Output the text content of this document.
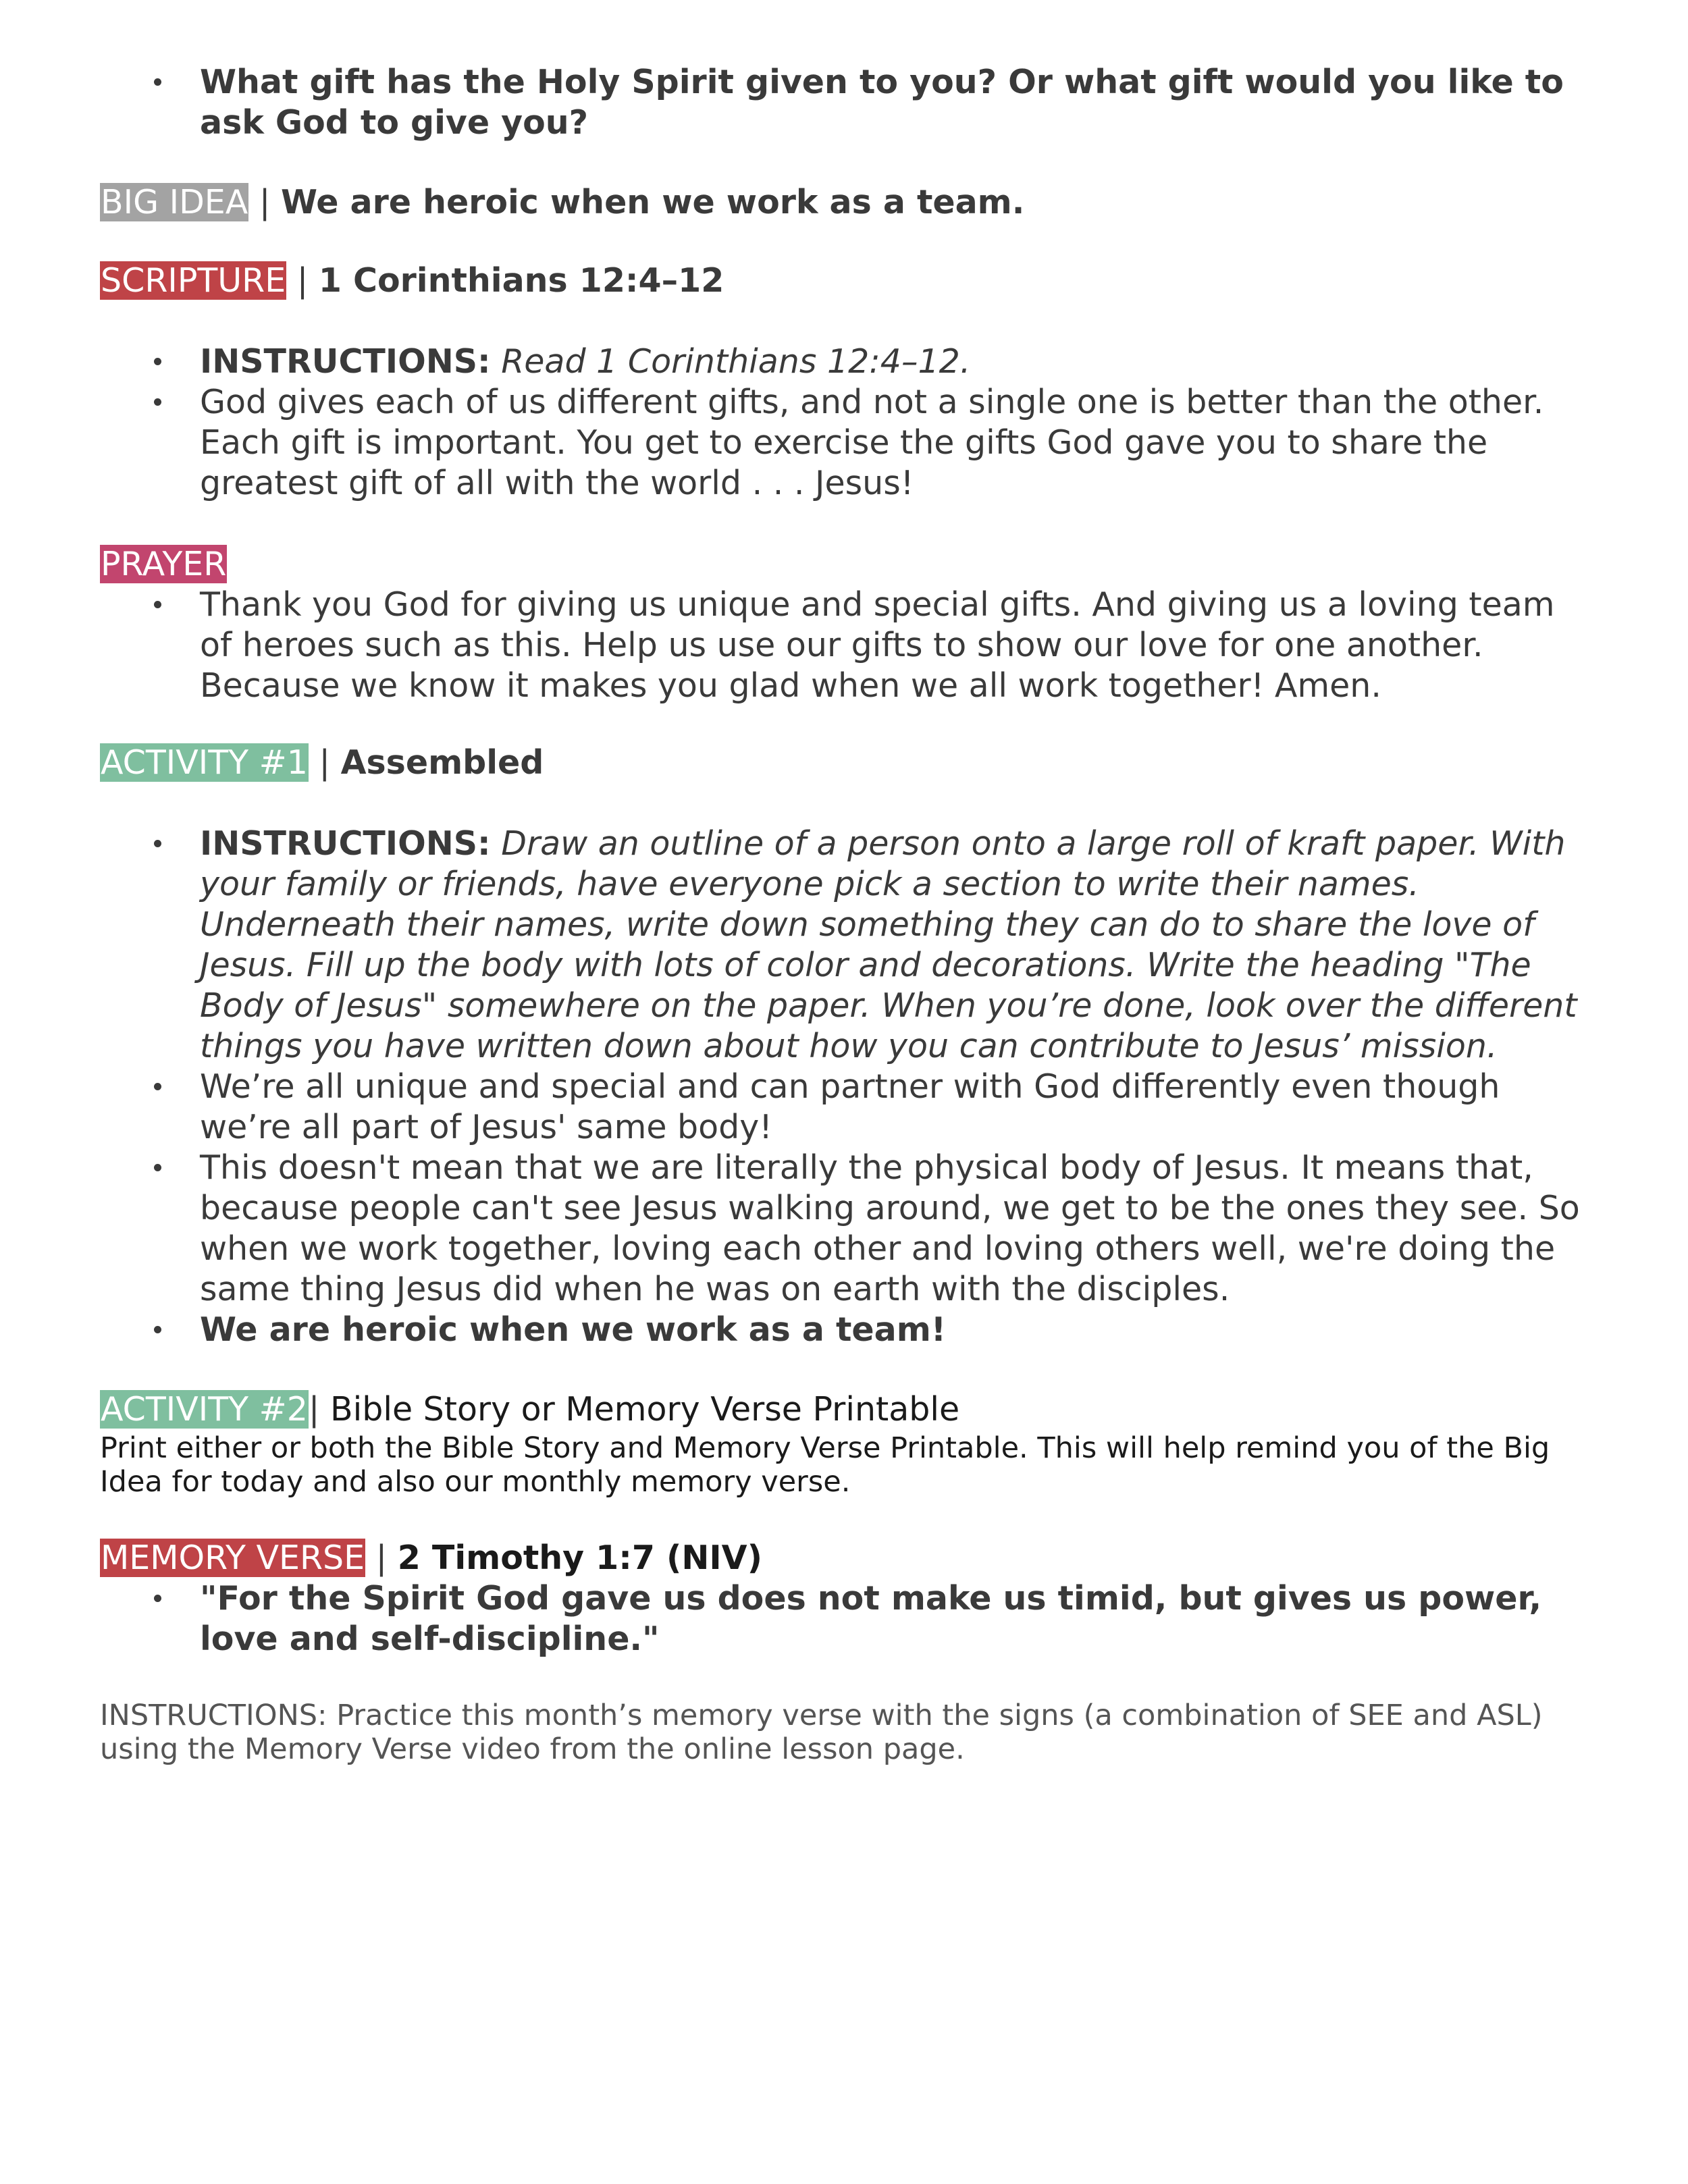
What gift has the Holy Spirit given to you? Or what gift would you like to ask God to give you?

BIG IDEA | We are heroic when we work as a team.

SCRIPTURE | 1 Corinthians 12:4–12

INSTRUCTIONS: Read 1 Corinthians 12:4–12.
God gives each of us different gifts, and not a single one is better than the other. Each gift is important. You get to exercise the gifts God gave you to share the greatest gift of all with the world . . . Jesus!

PRAYER

Thank you God for giving us unique and special gifts. And giving us a loving team of heroes such as this. Help us use our gifts to show our love for one another. Because we know it makes you glad when we all work together! Amen.

ACTIVITY #1 | Assembled

INSTRUCTIONS: Draw an outline of a person onto a large roll of kraft paper. With your family or friends, have everyone pick a section to write their names. Underneath their names, write down something they can do to share the love of Jesus. Fill up the body with lots of color and decorations. Write the heading "The Body of Jesus" somewhere on the paper. When you’re done, look over the different things you have written down about how you can contribute to Jesus’ mission.
We’re all unique and special and can partner with God differently even though we’re all part of Jesus' same body!
This doesn't mean that we are literally the physical body of Jesus. It means that, because people can't see Jesus walking around, we get to be the ones they see. So when we work together, loving each other and loving others well, we're doing the same thing Jesus did when he was on earth with the disciples.
We are heroic when we work as a team!

ACTIVITY #2| Bible Story or Memory Verse Printable

Print either or both the Bible Story and Memory Verse Printable. This will help remind you of the Big Idea for today and also our monthly memory verse.

MEMORY VERSE | 2 Timothy 1:7 (NIV)

"For the Spirit God gave us does not make us timid, but gives us power, love and self-discipline."

INSTRUCTIONS: Practice this month’s memory verse with the signs (a combination of SEE and ASL) using the Memory Verse video from the online lesson page.
